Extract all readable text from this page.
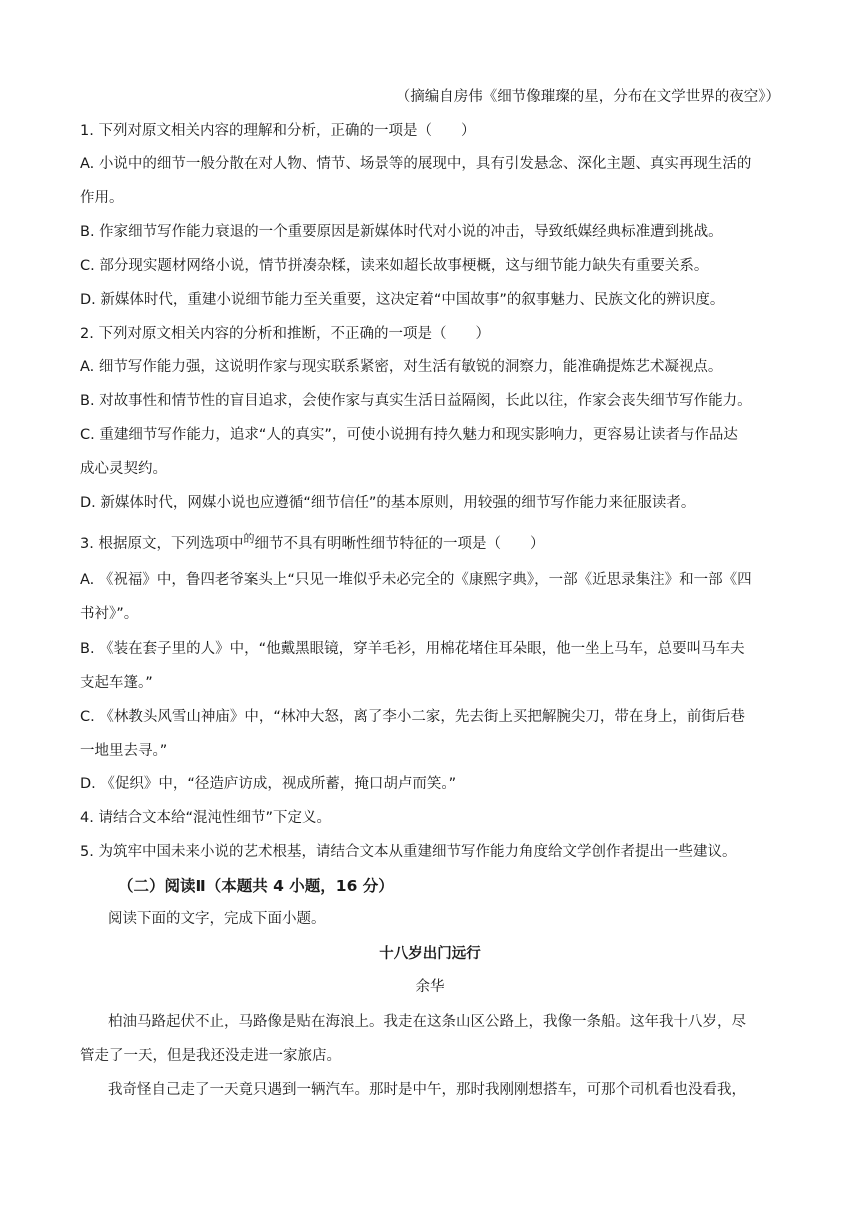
（摘编自房伟《细节像璀璨的星，分布在文学世界的夜空》）
1. 下列对原文相关内容的理解和分析，正确的一项是（　　）
A. 小说中的细节一般分散在对人物、情节、场景等的展现中，具有引发悬念、深化主题、真实再现生活的
作用。
B. 作家细节写作能力衰退的一个重要原因是新媒体时代对小说的冲击，导致纸媒经典标准遭到挑战。
C. 部分现实题材网络小说，情节拼凑杂糅，读来如超长故事梗概，这与细节能力缺失有重要关系。
D. 新媒体时代，重建小说细节能力至关重要，这决定着“中国故事”的叙事魅力、民族文化的辨识度。
2. 下列对原文相关内容的分析和推断，不正确的一项是（　　）
A. 细节写作能力强，这说明作家与现实联系紧密，对生活有敏锐的洞察力，能准确提炼艺术凝视点。
B. 对故事性和情节性的盲目追求，会使作家与真实生活日益隔阂，长此以往，作家会丧失细节写作能力。
C. 重建细节写作能力，追求“人的真实”，可使小说拥有持久魅力和现实影响力，更容易让读者与作品达
成心灵契约。
D. 新媒体时代，网媒小说也应遵循“细节信任”的基本原则，用较强的细节写作能力来征服读者。
3. 根据原文，下列选项中$^的$细节不具有明晰性细节特征的一项是（　　）
A. 《祝福》中，鲁四老爷案头上“只见一堆似乎未必完全的《康熙字典》，一部《近思录集注》和一部《四
书衬》”。
B. 《装在套子里的人》中，“他戴黑眼镜，穿羊毛衫，用棉花堵住耳朵眼，他一坐上马车，总要叫马车夫
支起车篷。”
C. 《林教头风雪山神庙》中，“林冲大怒，离了李小二家，先去街上买把解腕尖刀，带在身上，前街后巷
一地里去寻。”
D. 《促织》中，“径造庐访成，视成所蓄，掩口胡卢而笑。”
4. 请结合文本给“混沌性细节”下定义。
5. 为筑牢中国未来小说的艺术根基，请结合文本从重建细节写作能力角度给文学创作者提出一些建议。
（二）阅读Ⅱ（本题共 4 小题，16 分）
阅读下面的文字，完成下面小题。
十八岁出门远行
余华
柏油马路起伏不止，马路像是贴在海浪上。我走在这条山区公路上，我像一条船。这年我十八岁，尽
管走了一天，但是我还没走进一家旅店。
我奇怪自己走了一天竟只遇到一辆汽车。那时是中午，那时我刚刚想搭车，可那个司机看也没看我，
